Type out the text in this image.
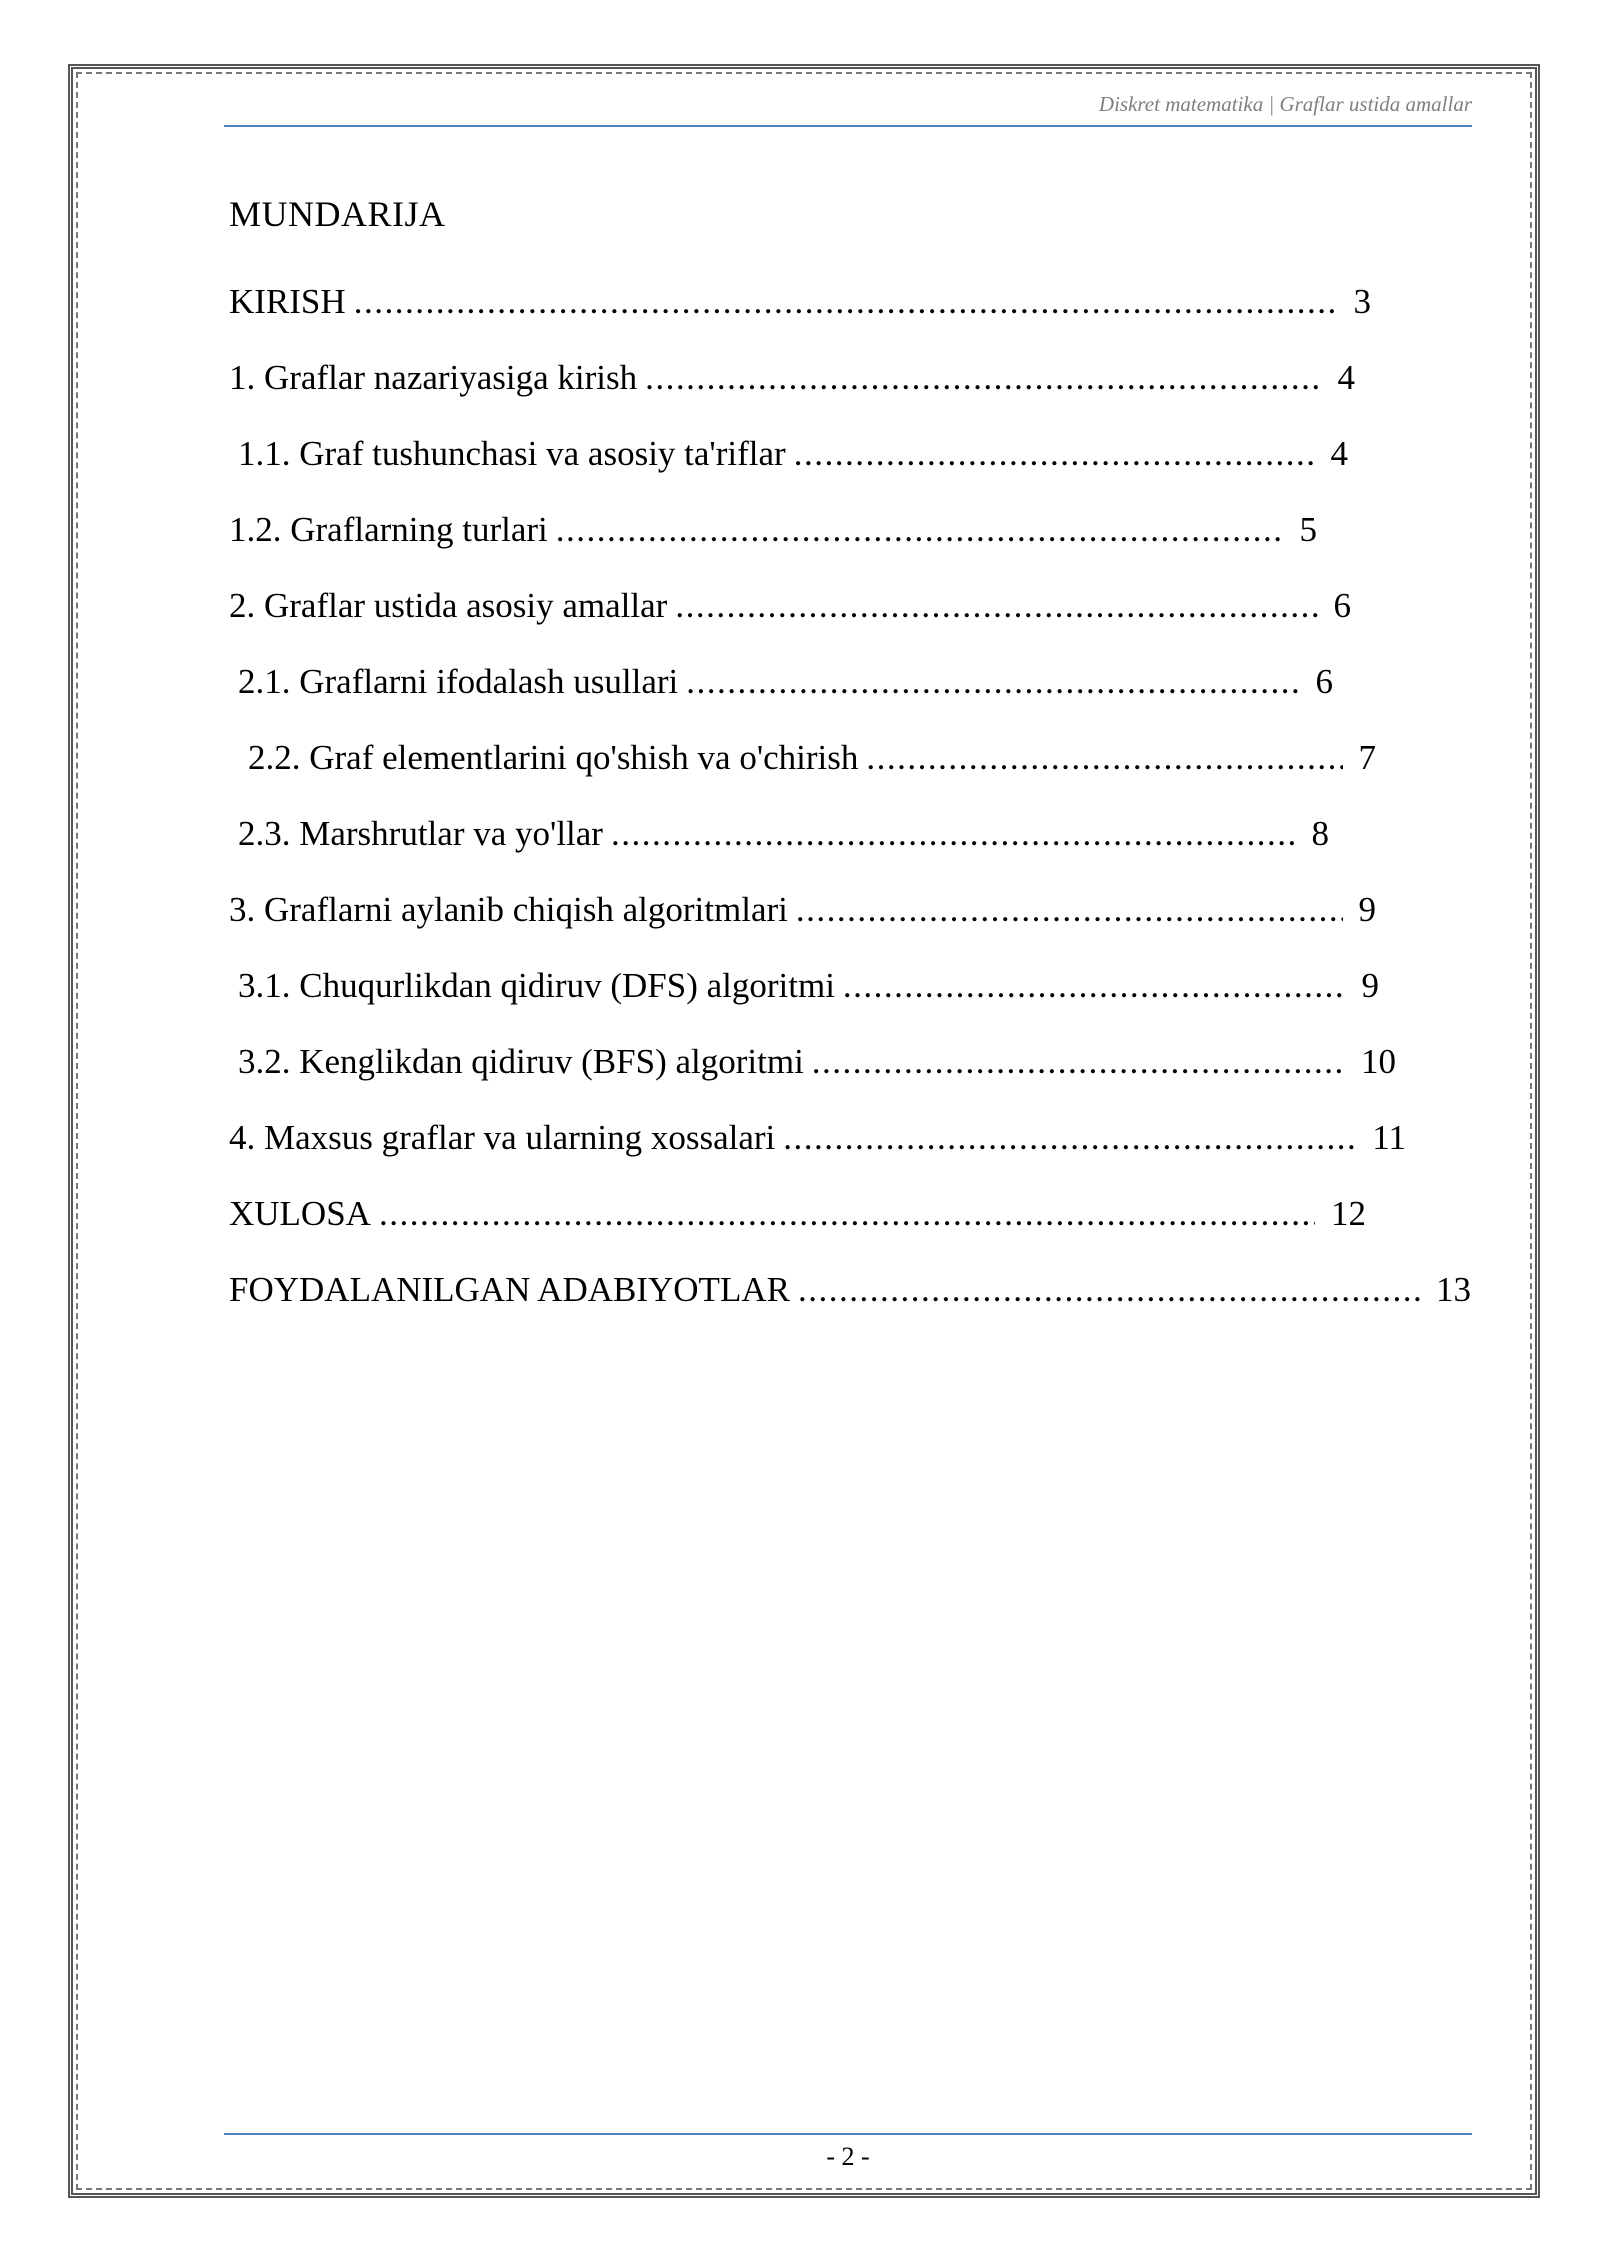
Diskret matematika | Graflar ustida amallar
MUNDARIJA
KIRISH .....	3
1. Graflar nazariyasiga kirish .....	4
1.1. Graf tushunchasi va asosiy ta'riflar .....	4
1.2. Graflarning turlari .....	5
2. Graflar ustida asosiy amallar .....	6
2.1. Graflarni ifodalash usullari .....	6
2.2. Graf elementlarini qo'shish va o'chirish .....	7
2.3. Marshrutlar va yo'llar .....	8
3. Graflarni aylanib chiqish algoritmlari .....	9
3.1. Chuqurlikdan qidiruv (DFS) algoritmi .....	9
3.2. Kenglikdan qidiruv (BFS) algoritmi .....	10
4. Maxsus graflar va ularning xossalari .....	11
XULOSA .....	12
FOYDALANILGAN ADABIYOTLAR .....	13
- 2 -
